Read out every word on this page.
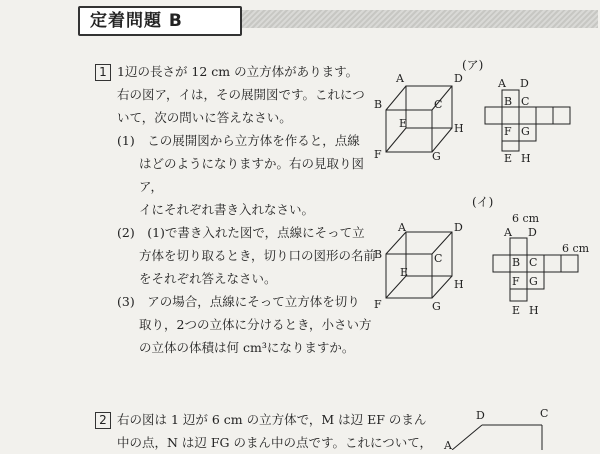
定着問題 B
1 1辺の長さが 12 cm の立方体があります。
右の図ア，イは，その展開図です。これにつ
いて，次の問いに答えなさい。
(1)　この展開図から立方体を作ると，点線
はどのようになりますか。右の見取り図ア，
イにそれぞれ書き入れなさい。
(2)　(1)で書き入れた図で，点線にそって立
方体を切り取るとき，切り口の図形の名前
をそれぞれ答えなさい。
(3)　アの場合，点線にそって立方体を切り
取り，2つの立体に分けるとき，小さい方
の立体の体積は何 cm³になりますか。
(ア)
(イ)
A	D
B	C
E	H
F	G
A D
B C
F G
E H
A	D
B	C
E
H
F	G
6 cm
6 cm
A D
B C
F G
E H
2 右の図は 1 辺が 6 cm の立方体で，M は辺 EF のまん
中の点，N は辺 FG のまん中の点です。これについて，
D	C
A
